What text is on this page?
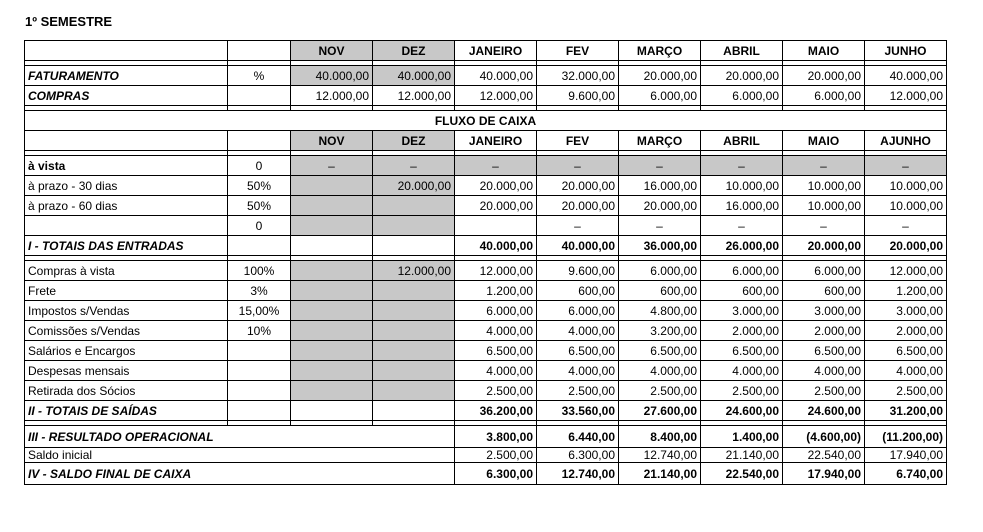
1º SEMESTRE
		NOV	DEZ	JANEIRO	FEV	MARÇO	ABRIL	MAIO	JUNHO

FATURAMENTO	%	40.000,00	40.000,00	40.000,00	32.000,00	20.000,00	20.000,00	20.000,00	40.000,00
COMPRAS		12.000,00	12.000,00	12.000,00	9.600,00	6.000,00	6.000,00	6.000,00	12.000,00

FLUXO DE CAIXA									
		NOV	DEZ	JANEIRO	FEV	MARÇO	ABRIL	MAIO	AJUNHO

à vista	0	–	–	–	–	–	–	–	–
à prazo - 30 dias	50%		20.000,00	20.000,00	20.000,00	16.000,00	10.000,00	10.000,00	10.000,00
à prazo - 60 dias	50%			20.000,00	20.000,00	20.000,00	16.000,00	10.000,00	10.000,00
	0				–	–	–	–	–
I - TOTAIS DAS ENTRADAS				40.000,00	40.000,00	36.000,00	26.000,00	20.000,00	20.000,00

Compras à vista	100%		12.000,00	12.000,00	9.600,00	6.000,00	6.000,00	6.000,00	12.000,00
Frete	3%			1.200,00	600,00	600,00	600,00	600,00	1.200,00
Impostos s/Vendas	15,00%			6.000,00	6.000,00	4.800,00	3.000,00	3.000,00	3.000,00
Comissões s/Vendas	10%			4.000,00	4.000,00	3.200,00	2.000,00	2.000,00	2.000,00
Salários e Encargos				6.500,00	6.500,00	6.500,00	6.500,00	6.500,00	6.500,00
Despesas mensais				4.000,00	4.000,00	4.000,00	4.000,00	4.000,00	4.000,00
Retirada dos Sócios				2.500,00	2.500,00	2.500,00	2.500,00	2.500,00	2.500,00
II - TOTAIS DE SAÍDAS				36.200,00	33.560,00	27.600,00	24.600,00	24.600,00	31.200,00

III - RESULTADO OPERACIONAL				3.800,00	6.440,00	8.400,00	1.400,00	(4.600,00)	(11.200,00)
Saldo inicial				2.500,00	6.300,00	12.740,00	21.140,00	22.540,00	17.940,00
IV - SALDO FINAL DE CAIXA				6.300,00	12.740,00	21.140,00	22.540,00	17.940,00	6.740,00
